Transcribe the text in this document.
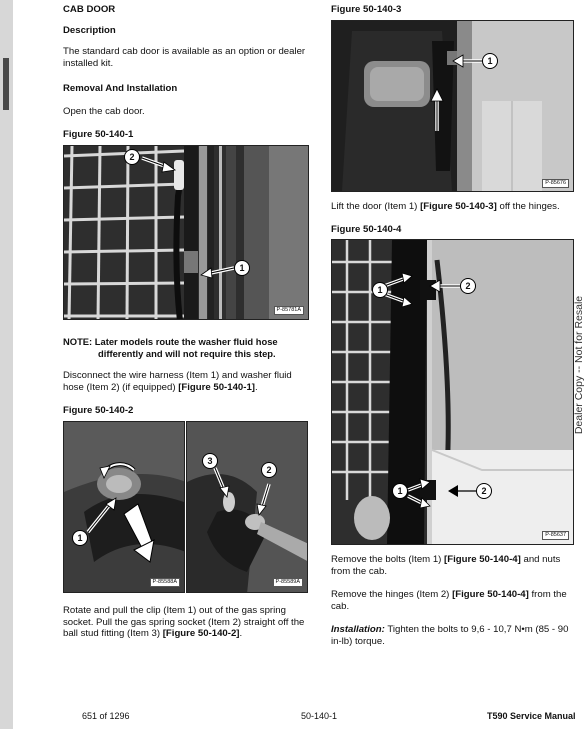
CAB DOOR
Description
The standard cab door is available as an option or dealer installed kit.
Removal And Installation
Open the cab door.
Figure 50-140-1
2
1
P-85781A
NOTE: Later models route the washer fluid hose
differently and will not require this step.
Disconnect the wire harness (Item 1) and washer fluid hose (Item 2) (if equipped) [Figure 50-140-1].
Figure 50-140-2
1
P-85588A
3
2
P-85589A
Rotate and pull the clip (Item 1) out of the gas spring socket. Pull the gas spring socket (Item 2) straight off the ball stud fitting (Item 3) [Figure 50-140-2].
Figure 50-140-3
1
P-85676
Lift the door (Item 1) [Figure 50-140-3] off the hinges.
Figure 50-140-4
1	2
1	2
P-85637
Remove the bolts (Item 1) [Figure 50-140-4] and nuts from the cab.
Remove the hinges (Item 2) [Figure 50-140-4] from the cab.
Installation: Tighten the bolts to 9,6 - 10,7 N•m (85 - 90 in-lb) torque.
Dealer Copy -- Not for Resale
651 of 1296	50-140-1	T590 Service Manual
